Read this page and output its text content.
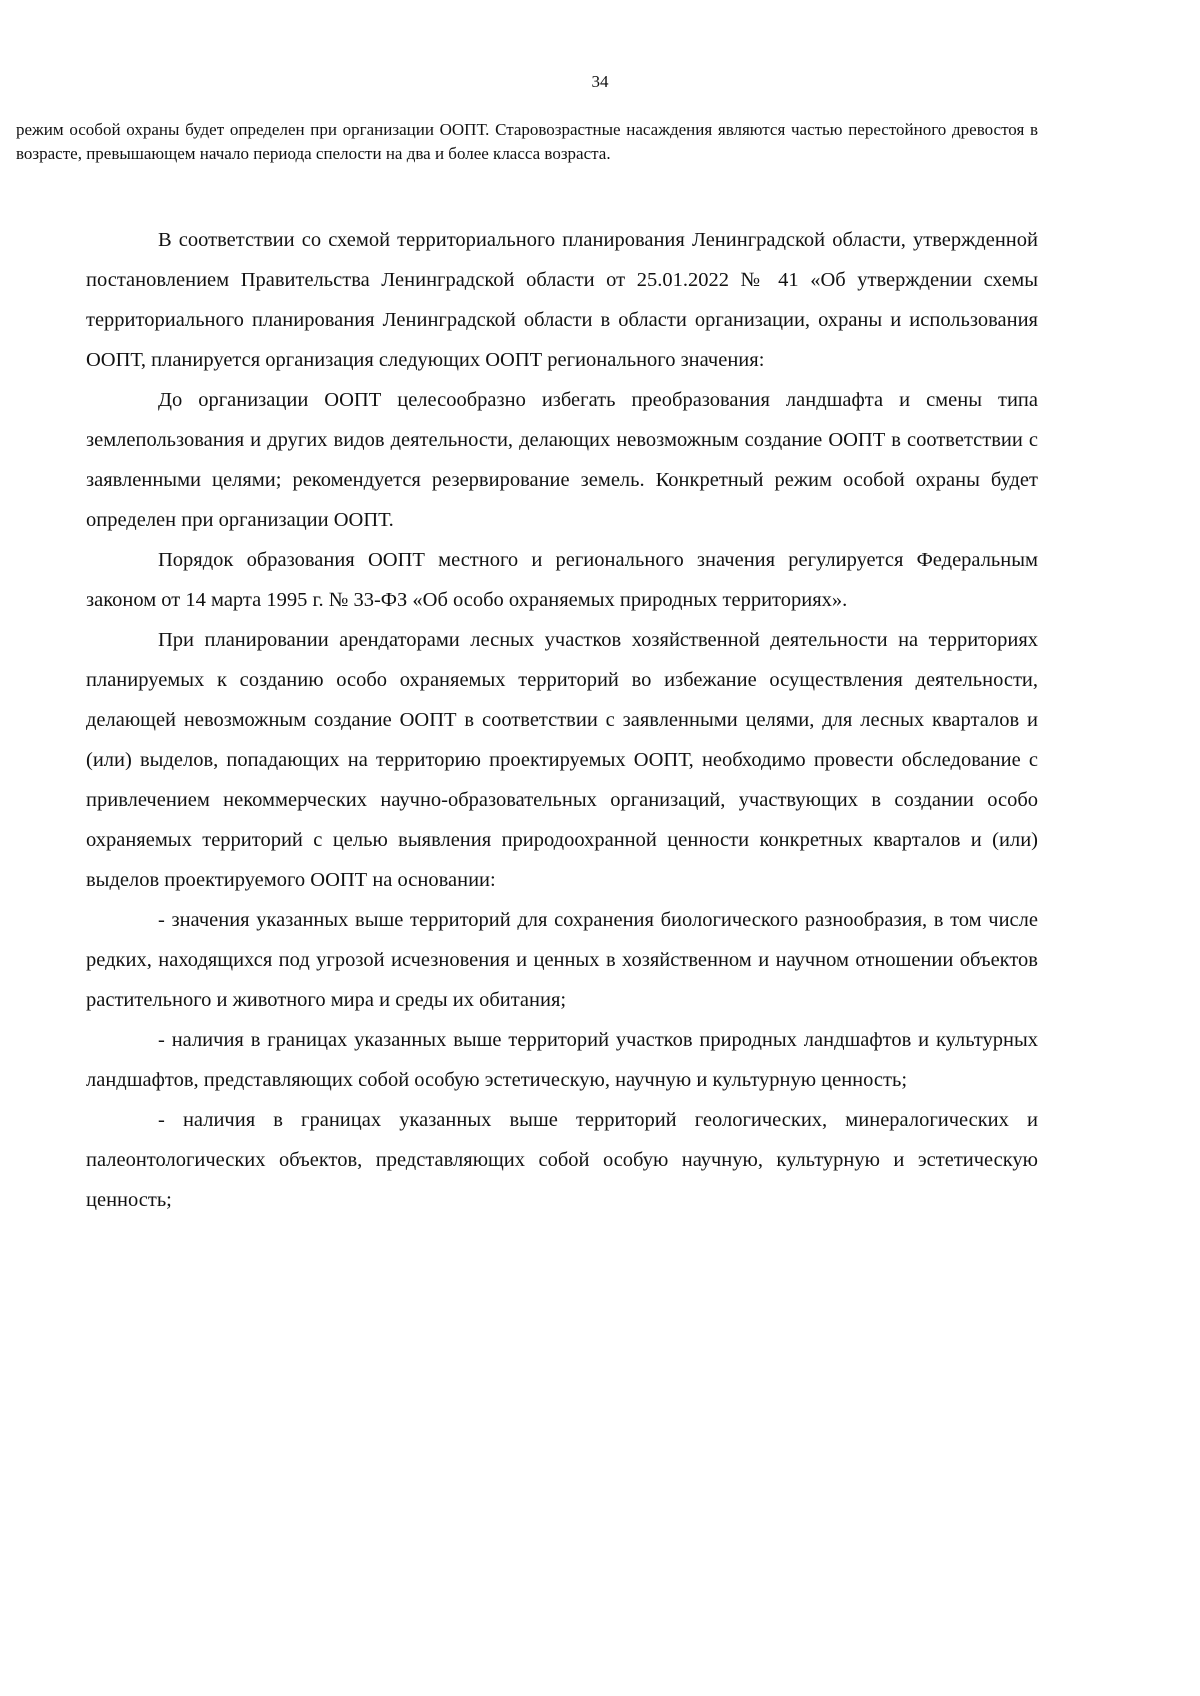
34

режим особой охраны будет определен при организации ООПТ. Старовозрастные насаждения являются частью перестойного древостоя в возрасте, превышающем начало периода спелости на два и более класса возраста.

В соответствии со схемой территориального планирования Ленинградской области, утвержденной постановлением Правительства Ленинградской области от 25.01.2022 № 41 «Об утверждении схемы территориального планирования Ленинградской области в области организации, охраны и использования ООПТ, планируется организация следующих ООПТ регионального значения:

До организации ООПТ целесообразно избегать преобразования ландшафта и смены типа землепользования и других видов деятельности, делающих невозможным создание ООПТ в соответствии с заявленными целями; рекомендуется резервирование земель. Конкретный режим особой охраны будет определен при организации ООПТ.

Порядок образования ООПТ местного и регионального значения регулируется Федеральным законом от 14 марта 1995 г. № 33-ФЗ «Об особо охраняемых природных территориях».

При планировании арендаторами лесных участков хозяйственной деятельности на территориях планируемых к созданию особо охраняемых территорий во избежание осуществления деятельности, делающей невозможным создание ООПТ в соответствии с заявленными целями, для лесных кварталов и (или) выделов, попадающих на территорию проектируемых ООПТ, необходимо провести обследование с привлечением некоммерческих научно-образовательных организаций, участвующих в создании особо охраняемых территорий с целью выявления природоохранной ценности конкретных кварталов и (или) выделов проектируемого ООПТ на основании:

- значения указанных выше территорий для сохранения биологического разнообразия, в том числе редких, находящихся под угрозой исчезновения и ценных в хозяйственном и научном отношении объектов растительного и животного мира и среды их обитания;

- наличия в границах указанных выше территорий участков природных ландшафтов и культурных ландшафтов, представляющих собой особую эстетическую, научную и культурную ценность;

- наличия в границах указанных выше территорий геологических, минералогических и палеонтологических объектов, представляющих собой особую научную, культурную и эстетическую ценность;
